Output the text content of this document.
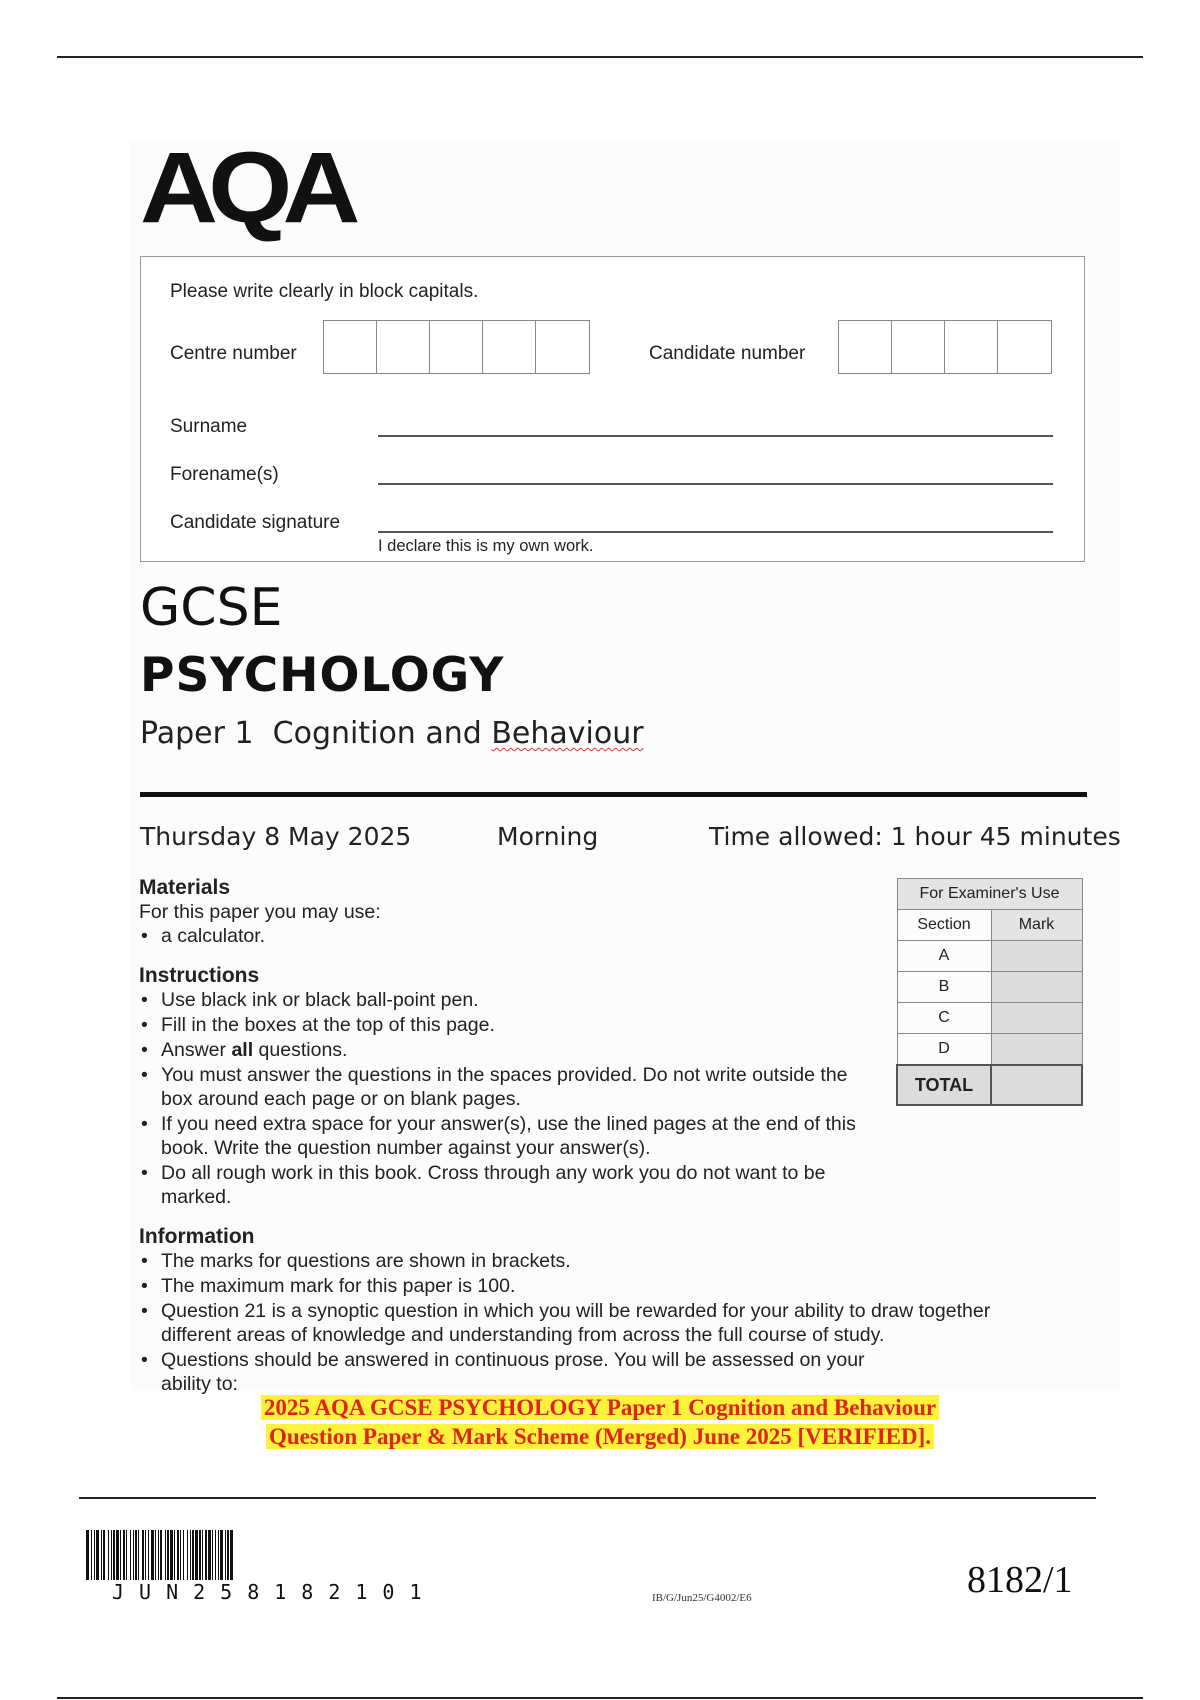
AQA
Please write clearly in block capitals.
Centre number	Candidate number
Surname
Forename(s)
Candidate signature
I declare this is my own work.
GCSE
PSYCHOLOGY
Paper 1  Cognition and Behaviour
Thursday 8 May 2025	Morning	Time allowed: 1 hour 45 minutes
Materials
For this paper you may use:
• a calculator.
Instructions
• Use black ink or black ball-point pen.
• Fill in the boxes at the top of this page.
• Answer all questions.
• You must answer the questions in the spaces provided. Do not write outside the box around each page or on blank pages.
• If you need extra space for your answer(s), use the lined pages at the end of this book. Write the question number against your answer(s).
• Do all rough work in this book. Cross through any work you do not want to be marked.
Information
• The marks for questions are shown in brackets.
• The maximum mark for this paper is 100.
• Question 21 is a synoptic question in which you will be rewarded for your ability to draw together different areas of knowledge and understanding from across the full course of study.
• Questions should be answered in continuous prose. You will be assessed on your ability to:
For Examiner's Use	
Section	Mark
A	
B	
C	
D	
TOTAL	
2025 AQA GCSE PSYCHOLOGY Paper 1 Cognition and Behaviour
Question Paper & Mark Scheme (Merged) June 2025 [VERIFIED].
JUN258182101	IB/G/Jun25/G4002/E6	8182/1
